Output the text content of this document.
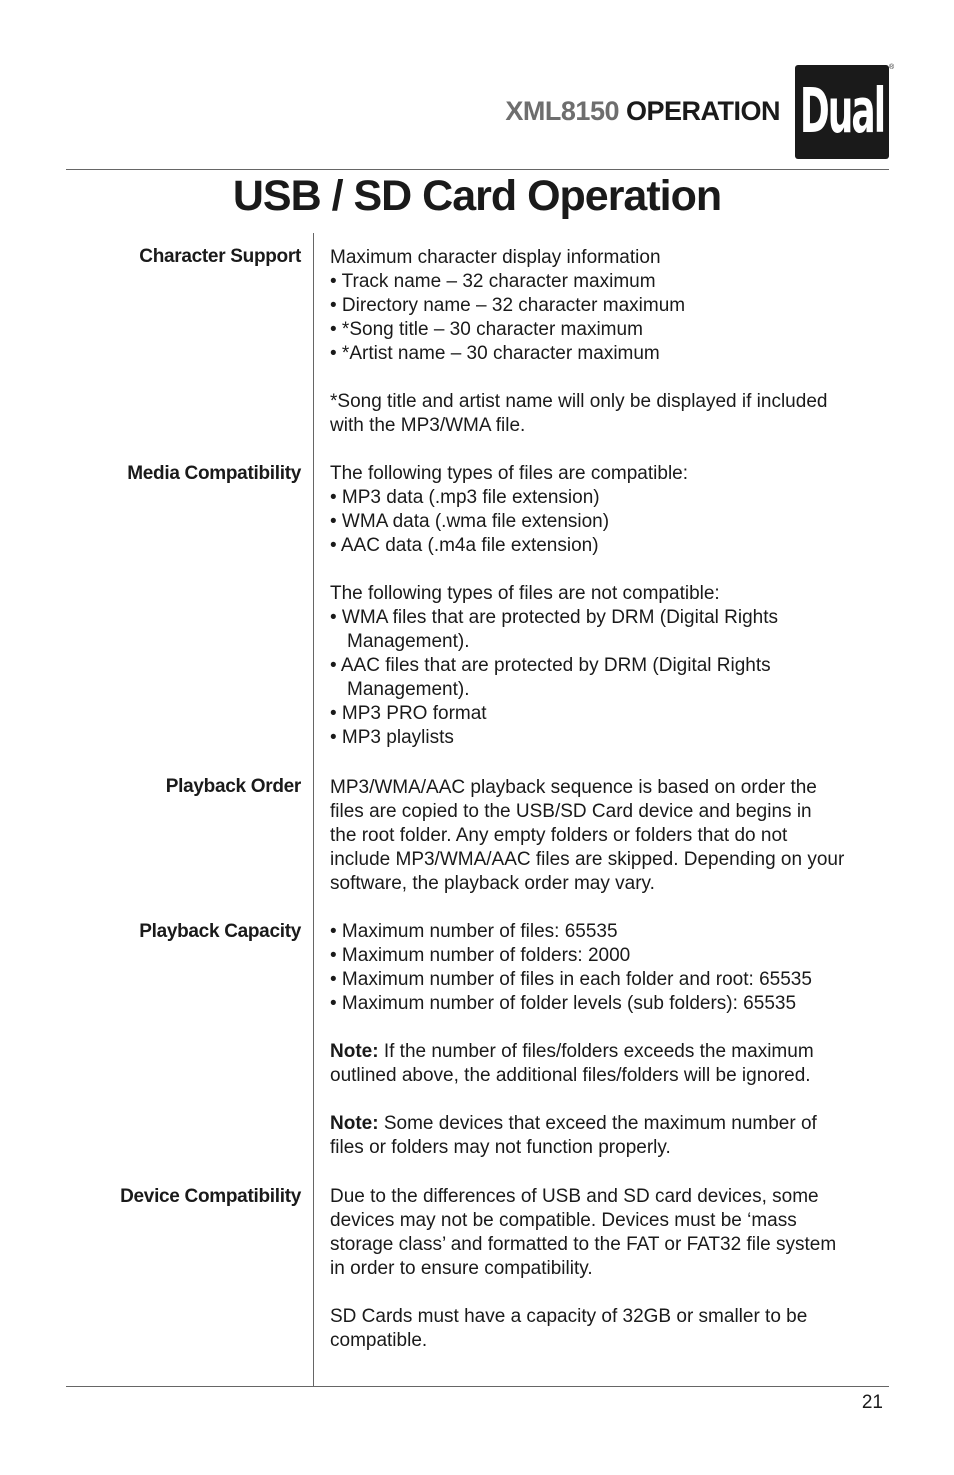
XML8150 OPERATION Dual
®
USB / SD Card Operation
Character Support Maximum character display information
• Track name – 32 character maximum
• Directory name – 32 character maximum
• *Song title – 30 character maximum
• *Artist name – 30 character maximum
*Song title and artist name will only be displayed if included
with the MP3/WMA file.
Media Compatibility The following types of files are compatible:
• MP3 data (.mp3 file extension)
• WMA data (.wma file extension)
• AAC data (.m4a file extension)
The following types of files are not compatible:
• WMA files that are protected by DRM (Digital Rights
Management).
• AAC files that are protected by DRM (Digital Rights
Management).
• MP3 PRO format
• MP3 playlists
Playback Order MP3/WMA/AAC playback sequence is based on order the
files are copied to the USB/SD Card device and begins in
the root folder. Any empty folders or folders that do not
include MP3/WMA/AAC files are skipped. Depending on your
software, the playback order may vary.
Playback Capacity • Maximum number of files: 65535
• Maximum number of folders: 2000
• Maximum number of files in each folder and root: 65535
• Maximum number of folder levels (sub folders): 65535
Note: If the number of files/folders exceeds the maximum
outlined above, the additional files/folders will be ignored.
Note: Some devices that exceed the maximum number of
files or folders may not function properly.
Device Compatibility Due to the differences of USB and SD card devices, some
devices may not be compatible. Devices must be ‘mass
storage class’ and formatted to the FAT or FAT32 file system
in order to ensure compatibility.
SD Cards must have a capacity of 32GB or smaller to be
compatible.
21
